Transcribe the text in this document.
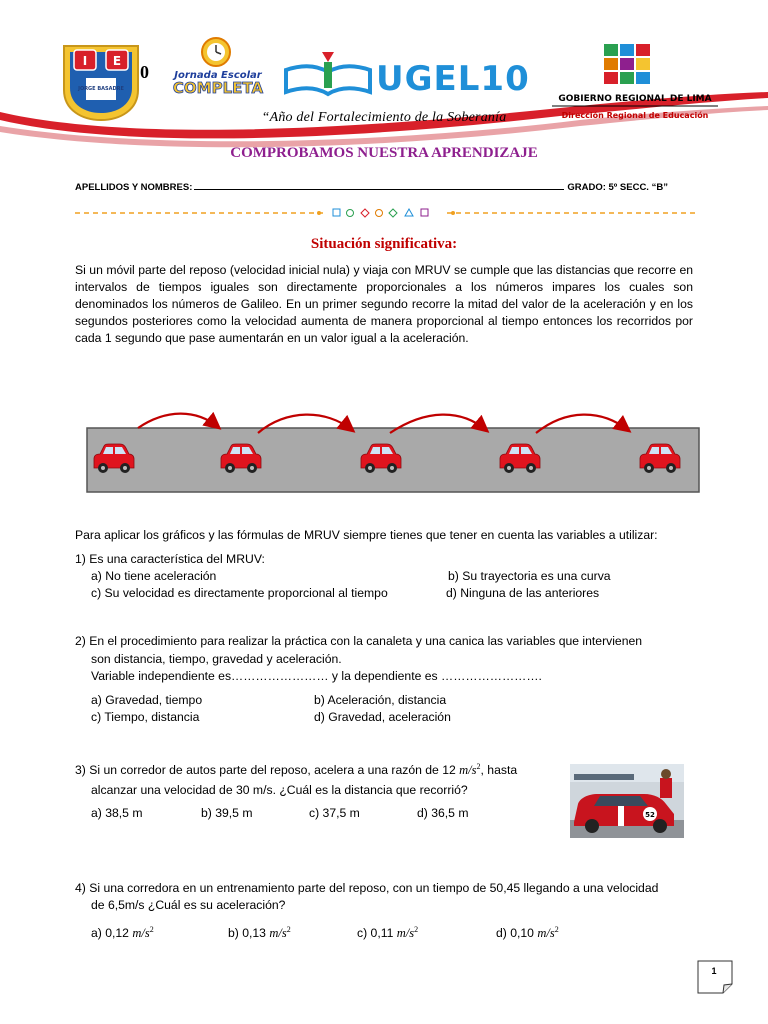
I E
JORGE BASADRE
0	Jornada Escolar
COMPLETA	UGEL10	GOBIERNO REGIONAL DE LIMA
Dirección Regional de Educación
“Año del Fortalecimiento de la Soberanía
COMPROBAMOS NUESTRA APRENDIZAJE
APELLIDOS Y NOMBRES:	GRADO: 5º SECC. “B”
Situación significativa:
Si un móvil parte del reposo (velocidad inicial nula) y viaja con MRUV se cumple que las distancias que recorre en intervalos de tiempos iguales son directamente proporcionales a los números impares los cuales son denominados los números de Galileo. En un primer segundo recorre la mitad del valor de la aceleración y en los segundos posteriores como la velocidad aumenta de manera proporcional al tiempo entonces los recorridos por cada 1 segundo que pase aumentarán en un valor igual a la aceleración.
Para aplicar los gráficos y las fórmulas de MRUV siempre tienes que tener en cuenta las variables a utilizar:
1) Es una característica del MRUV:
a) No tiene aceleración	b) Su trayectoria es una curva
c) Su velocidad es directamente proporcional al tiempo	d) Ninguna de las anteriores
2) En el procedimiento para realizar la práctica con la canaleta y una canica las variables que intervienen
son distancia, tiempo, gravedad y aceleración.
Variable independiente es…………………… y la dependiente es …………………….
a) Gravedad, tiempo	b) Aceleración, distancia
c) Tiempo, distancia	d) Gravedad, aceleración
3) Si un corredor de autos parte del reposo, acelera a una razón de 12 $m/s^2$, hasta
alcanzar una velocidad de 30 m/s. ¿Cuál es la distancia que recorrió?
a) 38,5 m	b) 39,5 m	c) 37,5 m	d) 36,5 m	52
4) Si una corredora en un entrenamiento parte del reposo, con un tiempo de 50,45 llegando a una velocidad
de 6,5m/s ¿Cuál es su aceleración?
a) 0,12 $m/s^2$	b) 0,13 $m/s^2$	c) 0,11 $m/s^2$	d) 0,10 $m/s^2$
1
